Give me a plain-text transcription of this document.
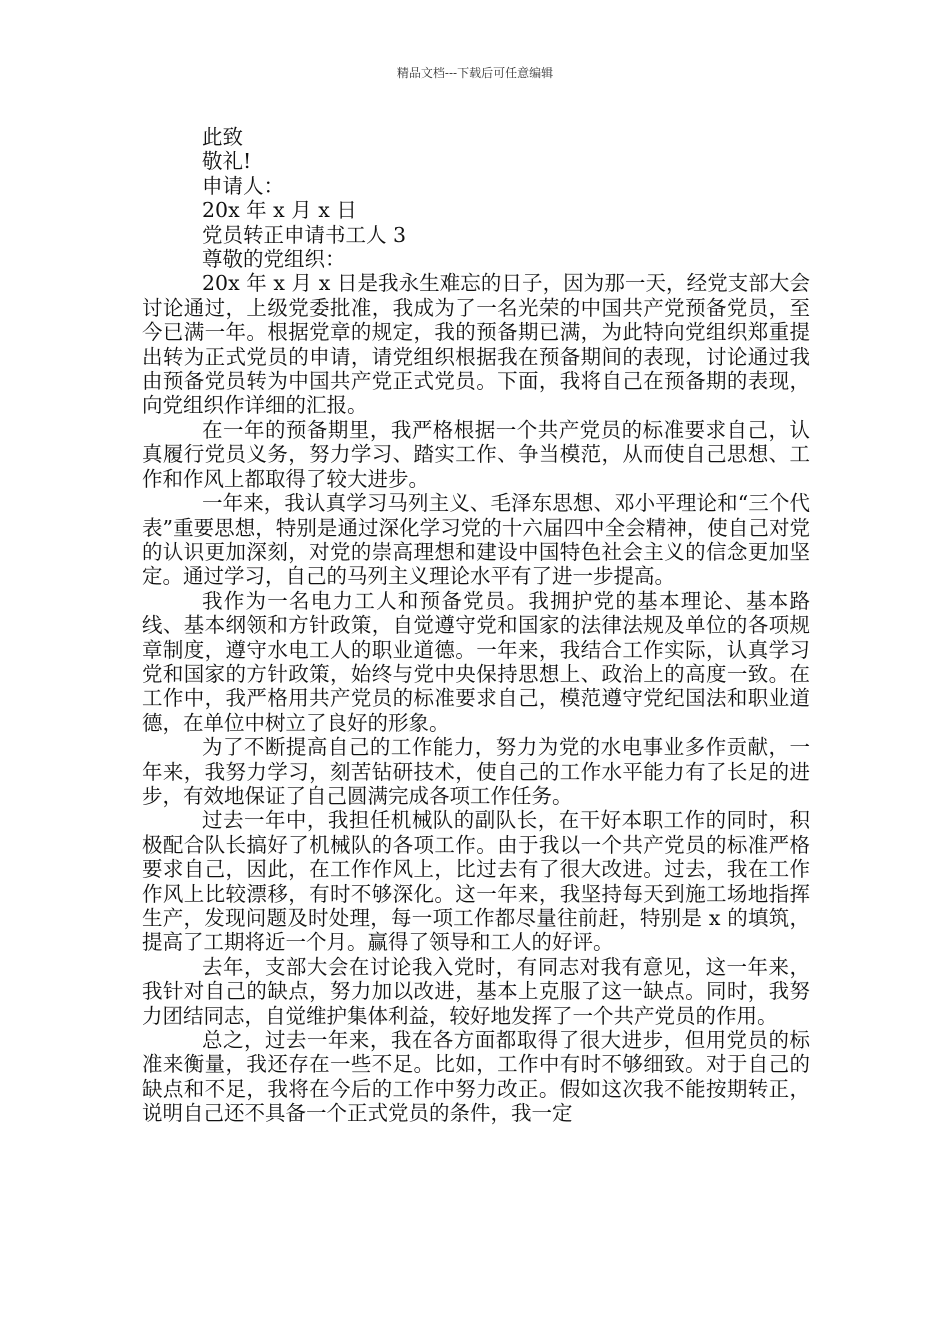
精品文档---下载后可任意编辑

此致

敬礼!

申请人：

20x 年 x 月 x 日

党员转正申请书工人 3

尊敬的党组织：

20x 年 x 月 x 日是我永生难忘的日子，因为那一天，经党支部大会讨论通过，上级党委批准，我成为了一名光荣的中国共产党预备党员，至今已满一年。根据党章的规定，我的预备期已满，为此特向党组织郑重提出转为正式党员的申请，请党组织根据我在预备期间的表现，讨论通过我由预备党员转为中国共产党正式党员。下面，我将自己在预备期的表现，向党组织作详细的汇报。

在一年的预备期里，我严格根据一个共产党员的标准要求自己，认真履行党员义务，努力学习、踏实工作、争当模范，从而使自己思想、工作和作风上都取得了较大进步。

一年来，我认真学习马列主义、毛泽东思想、邓小平理论和“三个代表”重要思想，特别是通过深化学习党的十六届四中全会精神，使自己对党的认识更加深刻，对党的崇高理想和建设中国特色社会主义的信念更加坚定。通过学习，自己的马列主义理论水平有了进一步提高。

我作为一名电力工人和预备党员。我拥护党的基本理论、基本路线、基本纲领和方针政策，自觉遵守党和国家的法律法规及单位的各项规章制度，遵守水电工人的职业道德。一年来，我结合工作实际，认真学习党和国家的方针政策，始终与党中央保持思想上、政治上的高度一致。在工作中，我严格用共产党员的标准要求自己，模范遵守党纪国法和职业道德，在单位中树立了良好的形象。

为了不断提高自己的工作能力，努力为党的水电事业多作贡献，一年来，我努力学习，刻苦钻研技术，使自己的工作水平能力有了长足的进步，有效地保证了自己圆满完成各项工作任务。

过去一年中，我担任机械队的副队长，在干好本职工作的同时，积极配合队长搞好了机械队的各项工作。由于我以一个共产党员的标准严格要求自己，因此，在工作作风上，比过去有了很大改进。过去，我在工作作风上比较漂移，有时不够深化。这一年来，我坚持每天到施工场地指挥生产，发现问题及时处理，每一项工作都尽量往前赶，特别是 x 的填筑，提高了工期将近一个月。赢得了领导和工人的好评。

去年，支部大会在讨论我入党时，有同志对我有意见，这一年来，我针对自己的缺点，努力加以改进，基本上克服了这一缺点。同时，我努力团结同志，自觉维护集体利益，较好地发挥了一个共产党员的作用。

总之，过去一年来，我在各方面都取得了很大进步，但用党员的标准来衡量，我还存在一些不足。比如，工作中有时不够细致。对于自己的缺点和不足，我将在今后的工作中努力改正。假如这次我不能按期转正，说明自己还不具备一个正式党员的条件，我一定
